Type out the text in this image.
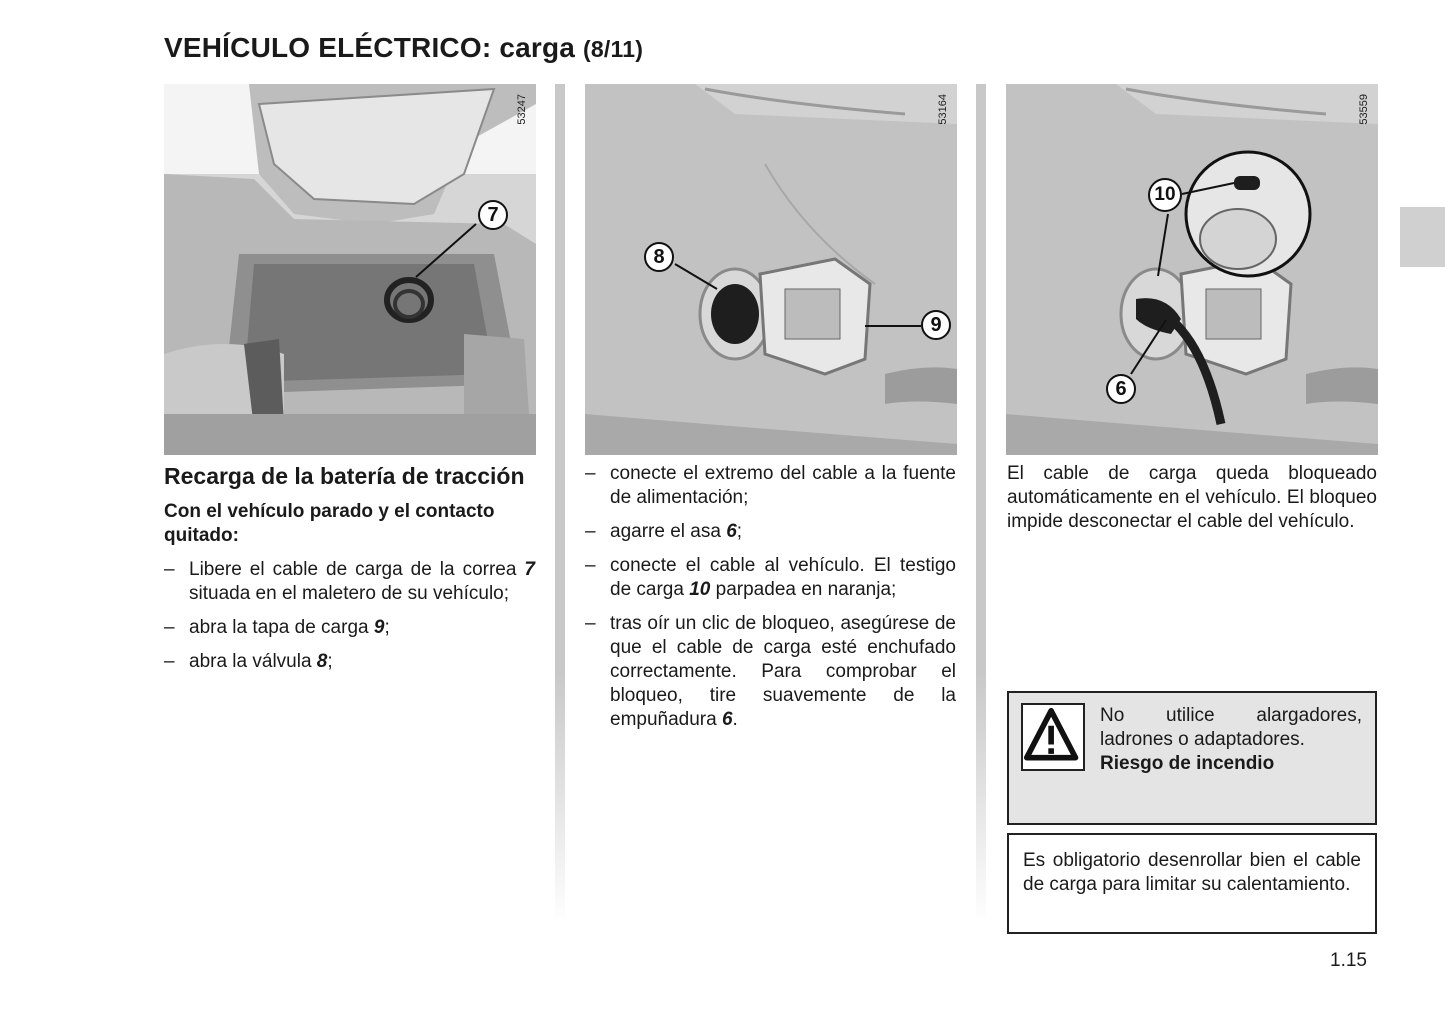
VEHÍCULO ELÉCTRICO: carga (8/11)
53247
7
53164
8
9
53559
10
6
Recarga de la batería de tracción

Con el vehículo parado y el contacto quitado:

– Libere el cable de carga de la correa 7 situada en el maletero de su vehículo;
– abra la tapa de carga 9;
– abra la válvula 8;
– conecte el extremo del cable a la fuente de alimentación;
– agarre el asa 6;
– conecte el cable al vehículo. El testigo de carga 10 parpadea en naranja;
– tras oír un clic de bloqueo, asegúrese de que el cable de carga esté enchufado correctamente. Para comprobar el bloqueo, tire suavemente de la empuñadura 6.
El cable de carga queda bloqueado automáticamente en el vehículo. El bloqueo impide desconectar el cable del vehículo.
No utilice alargadores, ladrones o adaptadores.
Riesgo de incendio
Es obligatorio desenrollar bien el cable de carga para limitar su calentamiento.
1.15
